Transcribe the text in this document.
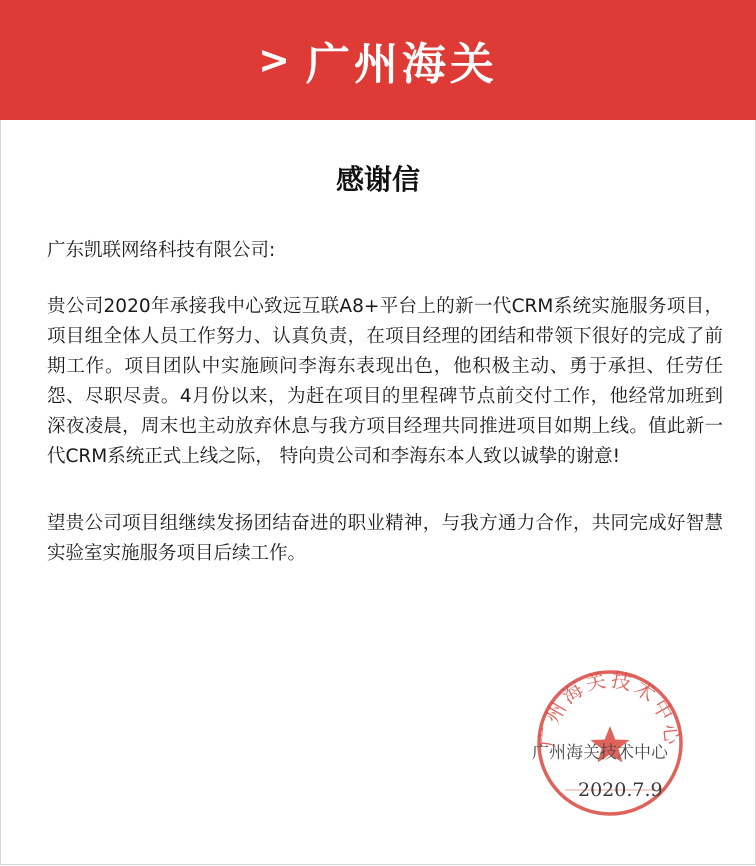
> 广州海关
感谢信
广东凯联网络科技有限公司:

贵公司2020年承接我中心致远互联A8+平台上的新一代CRM系统实施服务项目，项目组全体人员工作努力、认真负责，在项目经理的团结和带领下很好的完成了前期工作。项目团队中实施顾问李海东表现出色，他积极主动、勇于承担、任劳任怨、尽职尽责。4月份以来，为赶在项目的里程碑节点前交付工作，他经常加班到深夜凌晨，周末也主动放弃休息与我方项目经理共同推进项目如期上线。值此新一代CRM系统正式上线之际， 特向贵公司和李海东本人致以诚挚的谢意!

望贵公司项目组继续发扬团结奋进的职业精神，与我方通力合作，共同完成好智慧实验室实施服务项目后续工作。

广州海关技术中心
广州海关技术中心
2020.7.9
